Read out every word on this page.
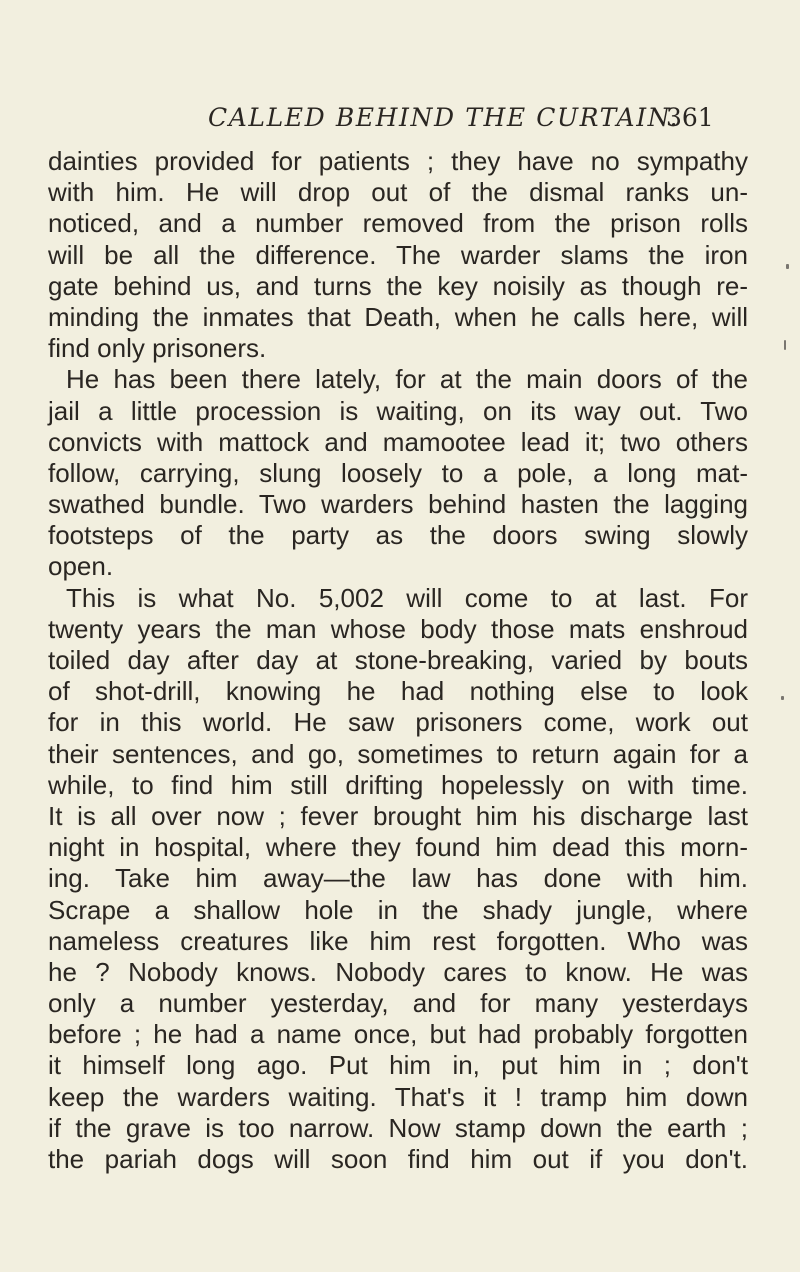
CALLED BEHIND THE CURTAIN.
361
dainties provided for patients ; they have no sympathy
with him. He will drop out of the dismal ranks un-
noticed, and a number removed from the prison rolls
will be all the difference. The warder slams the iron
gate behind us, and turns the key noisily as though re-
minding the inmates that Death, when he calls here, will
find only prisoners.
He has been there lately, for at the main doors of the
jail a little procession is waiting, on its way out. Two
convicts with mattock and mamootee lead it; two others
follow, carrying, slung loosely to a pole, a long mat-
swathed bundle. Two warders behind hasten the lagging
footsteps of the party as the doors swing slowly
open.
This is what No. 5,002 will come to at last. For
twenty years the man whose body those mats enshroud
toiled day after day at stone-breaking, varied by bouts
of shot-drill, knowing he had nothing else to look
for in this world. He saw prisoners come, work out
their sentences, and go, sometimes to return again for a
while, to find him still drifting hopelessly on with time.
It is all over now ; fever brought him his discharge last
night in hospital, where they found him dead this morn-
ing. Take him away—the law has done with him.
Scrape a shallow hole in the shady jungle, where
nameless creatures like him rest forgotten. Who was
he ? Nobody knows. Nobody cares to know. He was
only a number yesterday, and for many yesterdays
before ; he had a name once, but had probably forgotten
it himself long ago. Put him in, put him in ; don't
keep the warders waiting. That's it ! tramp him down
if the grave is too narrow. Now stamp down the earth ;
the pariah dogs will soon find him out if you don't.
